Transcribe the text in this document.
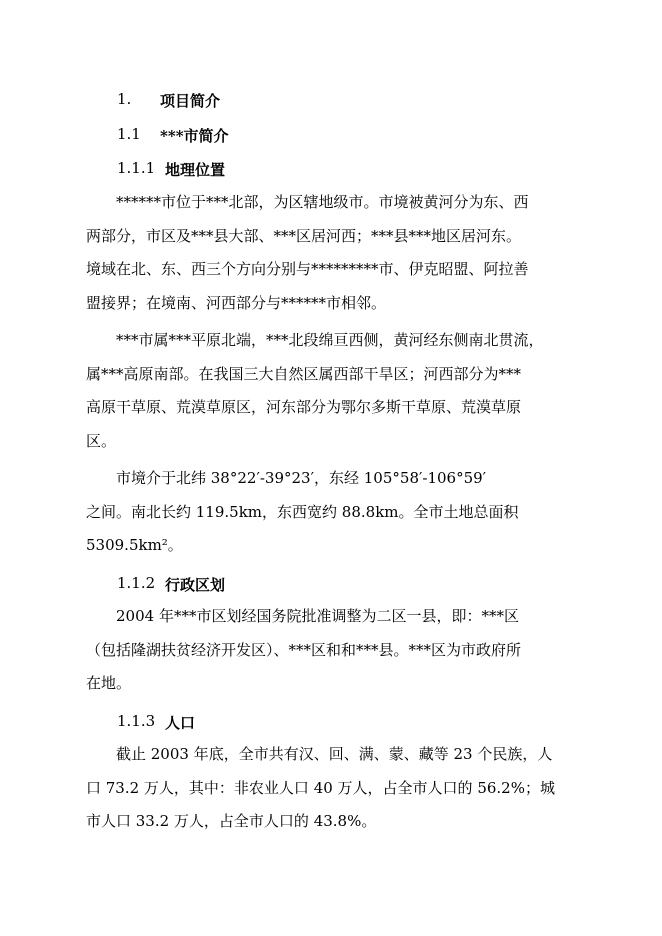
1. 项目简介
1.1 ***市简介
1.1.1 地理位置
******市位于***北部，为区辖地级市。市境被黄河分为东、西
两部分，市区及***县大部、***区居河西；***县***地区居河东。
境域在北、东、西三个方向分别与*********市、伊克昭盟、阿拉善
盟接界；在境南、河西部分与******市相邻。
***市属***平原北端，***北段绵亘西侧，黄河经东侧南北贯流，
属***高原南部。在我国三大自然区属西部干旱区；河西部分为***
高原干草原、荒漠草原区，河东部分为鄂尔多斯干草原、荒漠草原
区。
市境介于北纬 38°22′-39°23′，东经 105°58′-106°59′
之间。南北长约 119.5km，东西宽约 88.8km。全市土地总面积
5309.5km²。
1.1.2 行政区划
2004 年***市区划经国务院批准调整为二区一县，即：***区
（包括隆湖扶贫经济开发区）、***区和和***县。***区为市政府所
在地。
1.1.3 人口
截止 2003 年底，全市共有汉、回、满、蒙、藏等 23 个民族，人
口 73.2 万人，其中：非农业人口 40 万人，占全市人口的 56.2%；城
市人口 33.2 万人，占全市人口的 43.8%。
